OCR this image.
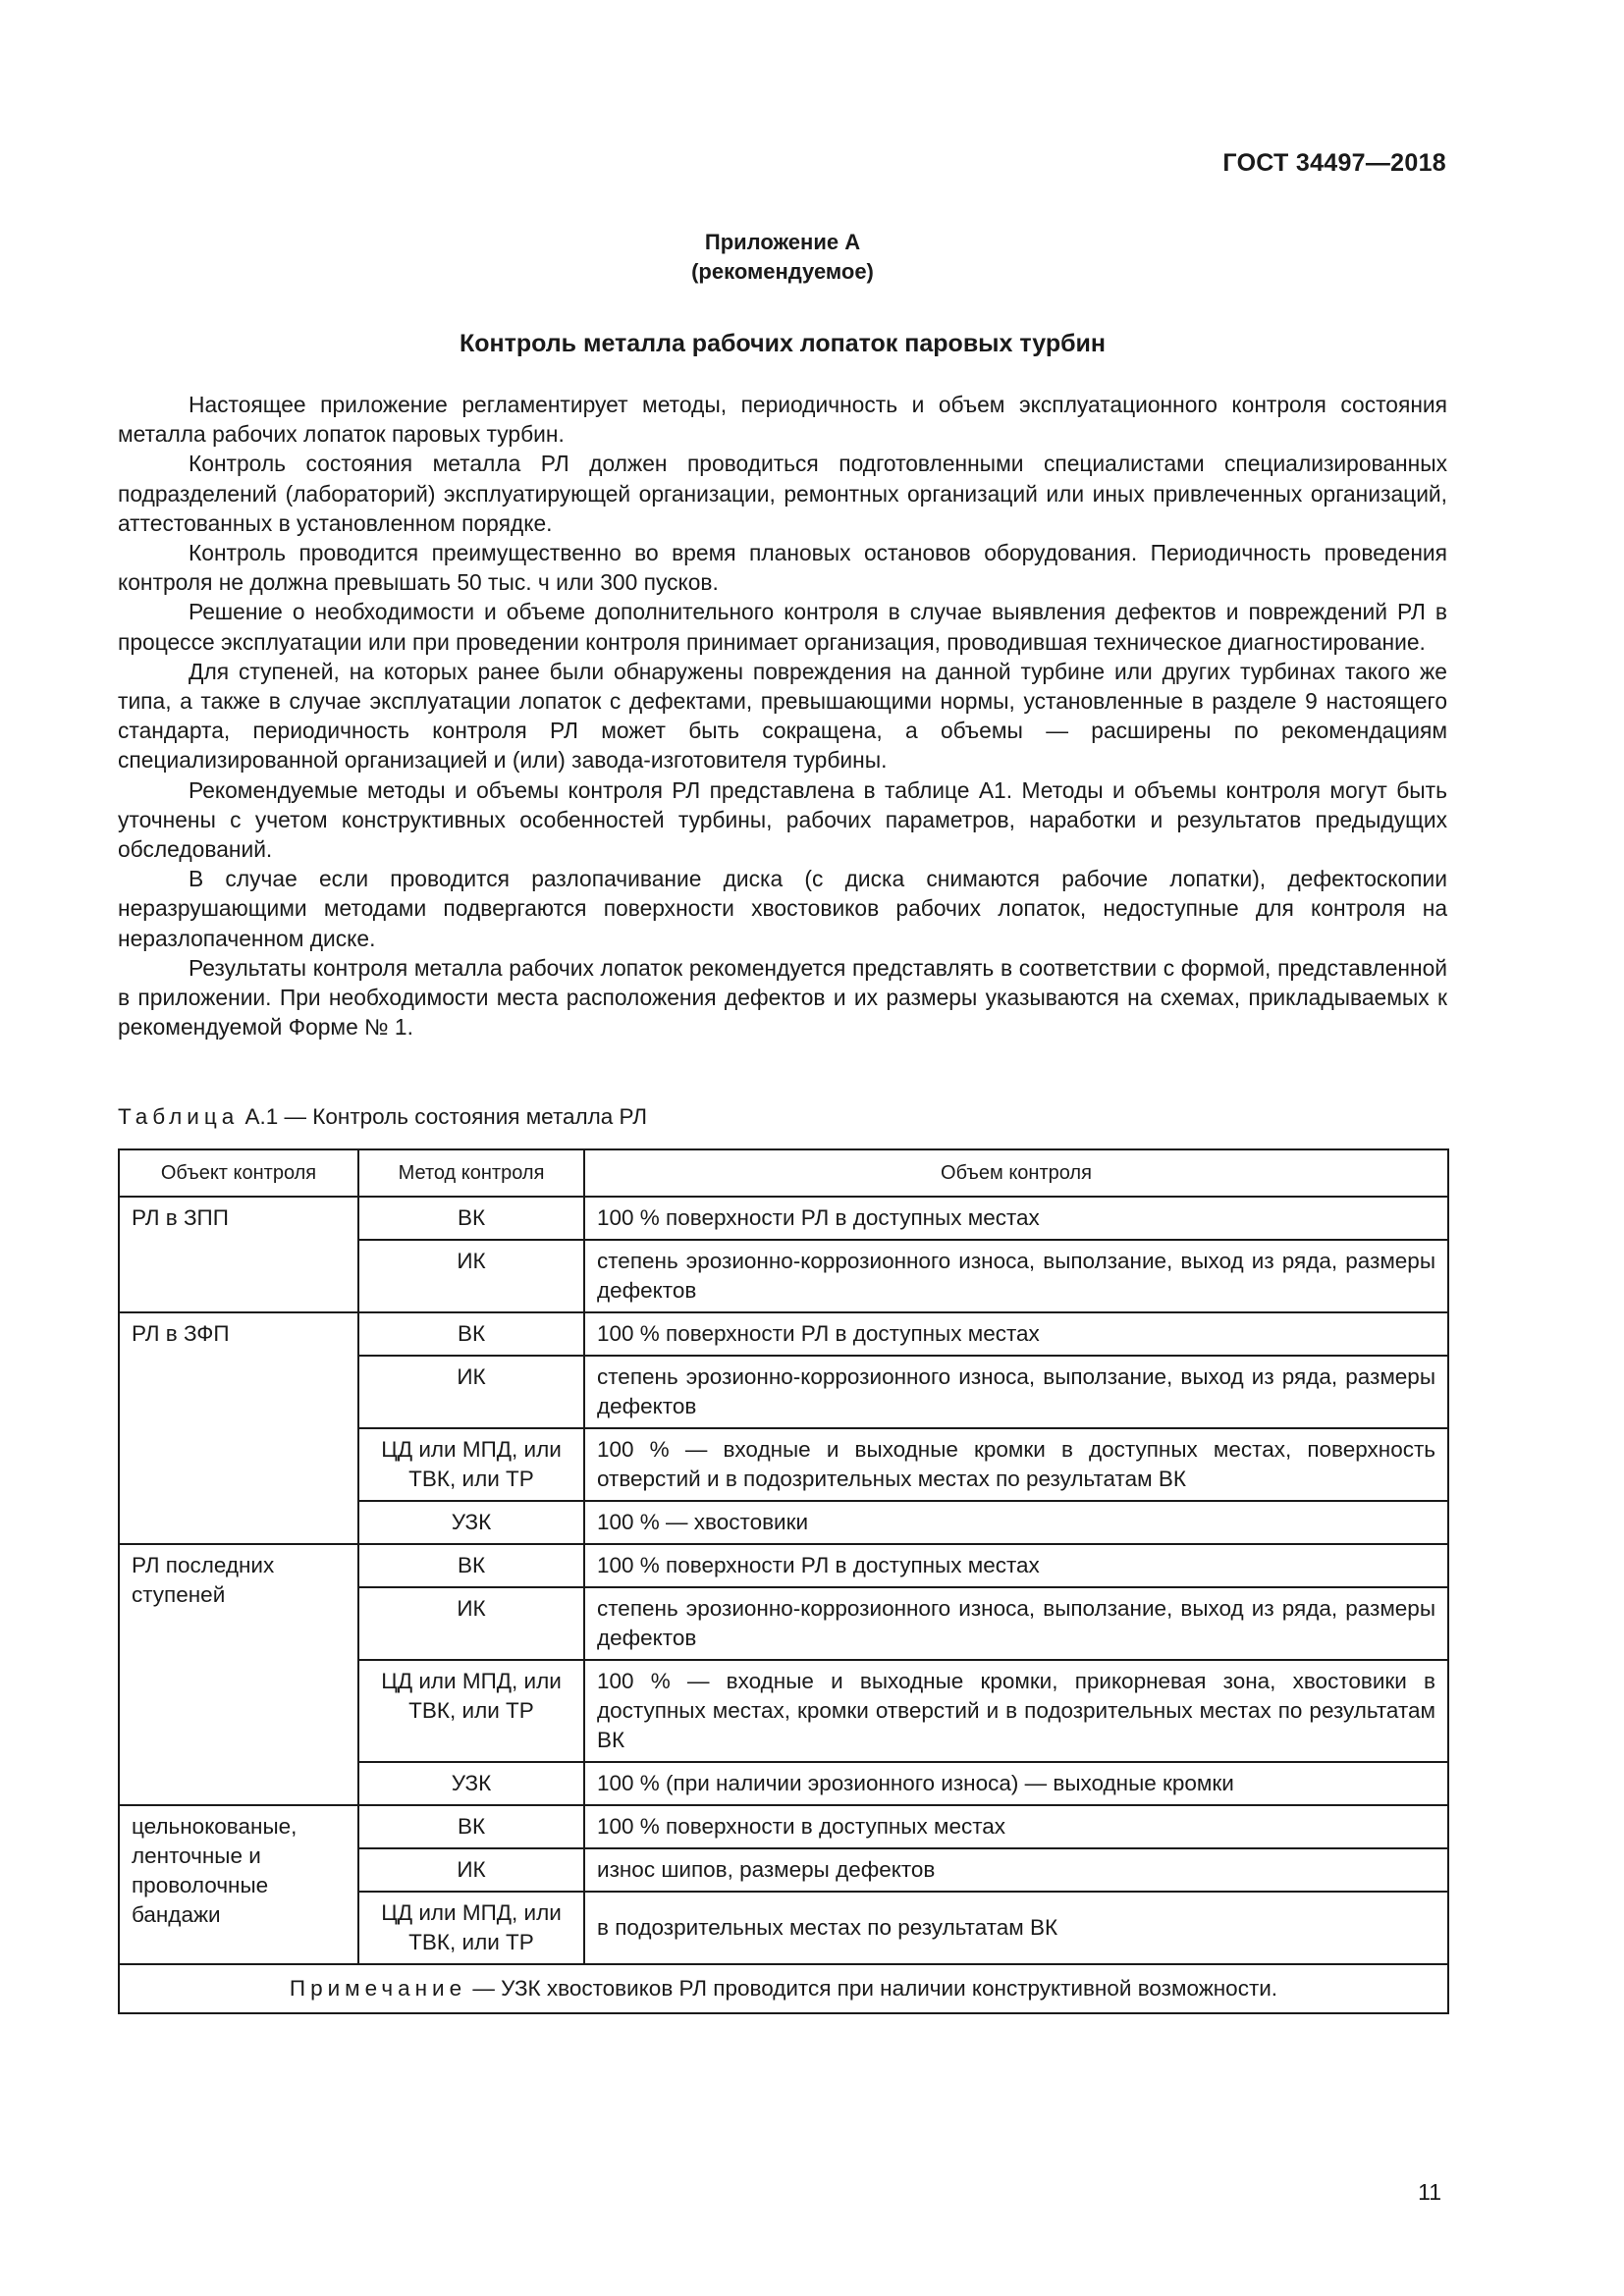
ГОСТ 34497—2018
Приложение А
(рекомендуемое)
Контроль металла рабочих лопаток паровых турбин

Настоящее приложение регламентирует методы, периодичность и объем эксплуатационного контроля состояния металла рабочих лопаток паровых турбин.

Контроль состояния металла РЛ должен проводиться подготовленными специалистами специализированных подразделений (лабораторий) эксплуатирующей организации, ремонтных организаций или иных привлеченных организаций, аттестованных в установленном порядке.

Контроль проводится преимущественно во время плановых остановов оборудования. Периодичность проведения контроля не должна превышать 50 тыс. ч или 300 пусков.

Решение о необходимости и объеме дополнительного контроля в случае выявления дефектов и повреждений РЛ в процессе эксплуатации или при проведении контроля принимает организация, проводившая техническое диагностирование.

Для ступеней, на которых ранее были обнаружены повреждения на данной турбине или других турбинах такого же типа, а также в случае эксплуатации лопаток с дефектами, превышающими нормы, установленные в разделе 9 настоящего стандарта, периодичность контроля РЛ может быть сокращена, а объемы — расширены по рекомендациям специализированной организацией и (или) завода-изготовителя турбины.

Рекомендуемые методы и объемы контроля РЛ представлена в таблице А1. Методы и объемы контроля могут быть уточнены с учетом конструктивных особенностей турбины, рабочих параметров, наработки и результатов предыдущих обследований.

В случае если проводится разлопачивание диска (с диска снимаются рабочие лопатки), дефектоскопии неразрушающими методами подвергаются поверхности хвостовиков рабочих лопаток, недоступные для контроля на неразлопаченном диске.

Результаты контроля металла рабочих лопаток рекомендуется представлять в соответствии с формой, представленной в приложении. При необходимости места расположения дефектов и их размеры указываются на схемах, прикладываемых к рекомендуемой Форме № 1.

Таблица А.1 — Контроль состояния металла РЛ
Объект контроля	Метод контроля	Объем контроля
РЛ в ЗПП	ВК	100 % поверхности РЛ в доступных местах
	ИК	степень эрозионно-коррозионного износа, выползание, выход из ряда, размеры дефектов
РЛ в ЗФП	ВК	100 % поверхности РЛ в доступных местах
	ИК	степень эрозионно-коррозионного износа, выползание, выход из ряда, размеры дефектов
	ЦД или МПД, или ТВК, или ТР	100 % — входные и выходные кромки в доступных местах, поверхность отверстий и в подозрительных местах по результатам ВК
	УЗК	100 % — хвостовики
РЛ последних ступеней	ВК	100 % поверхности РЛ в доступных местах
	ИК	степень эрозионно-коррозионного износа, выползание, выход из ряда, размеры дефектов
	ЦД или МПД, или ТВК, или ТР	100 % — входные и выходные кромки, прикорневая зона, хвостовики в доступных местах, кромки отверстий и в подозрительных местах по результатам ВК
	УЗК	100 % (при наличии эрозионного износа) — выходные кромки
цельнокованые, ленточные и проволочные бандажи	ВК	100 % поверхности в доступных местах
	ИК	износ шипов, размеры дефектов
	ЦД или МПД, или ТВК, или ТР	в подозрительных местах по результатам ВК
Примечание — УЗК хвостовиков РЛ проводится при наличии конструктивной возможности.		
11
